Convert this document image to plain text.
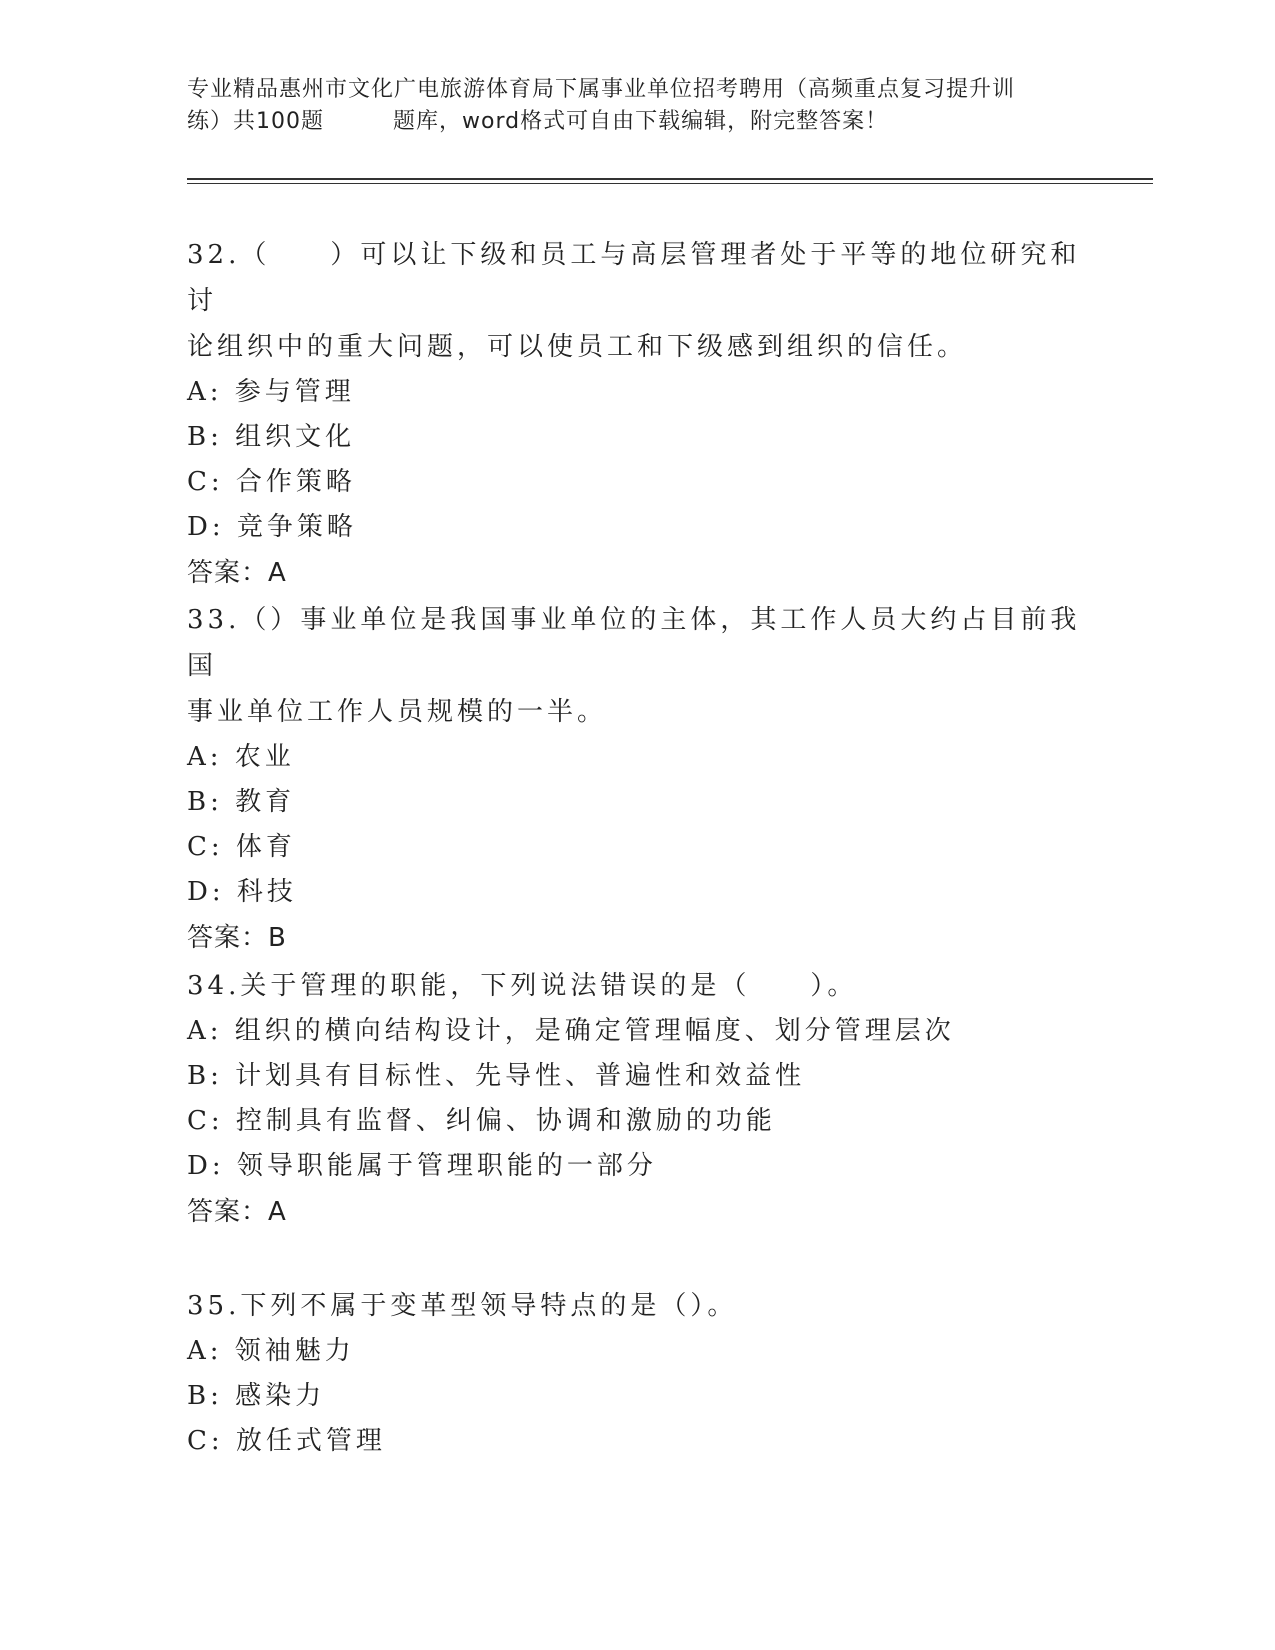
专业精品惠州市文化广电旅游体育局下属事业单位招考聘用（高频重点复习提升训
练）共100题　　　题库，word格式可自由下载编辑，附完整答案！
32.（　　）可以让下级和员工与高层管理者处于平等的地位研究和讨
论组织中的重大问题，可以使员工和下级感到组织的信任。
A: 参与管理
B: 组织文化
C: 合作策略
D: 竞争策略
答案：A
33.（）事业单位是我国事业单位的主体，其工作人员大约占目前我国
事业单位工作人员规模的一半。
A: 农业
B: 教育
C: 体育
D: 科技
答案：B
34.关于管理的职能，下列说法错误的是（　　）。
A: 组织的横向结构设计，是确定管理幅度、划分管理层次
B: 计划具有目标性、先导性、普遍性和效益性
C: 控制具有监督、纠偏、协调和激励的功能
D: 领导职能属于管理职能的一部分
答案：A
35.下列不属于变革型领导特点的是（）。
A: 领袖魅力
B: 感染力
C: 放任式管理
